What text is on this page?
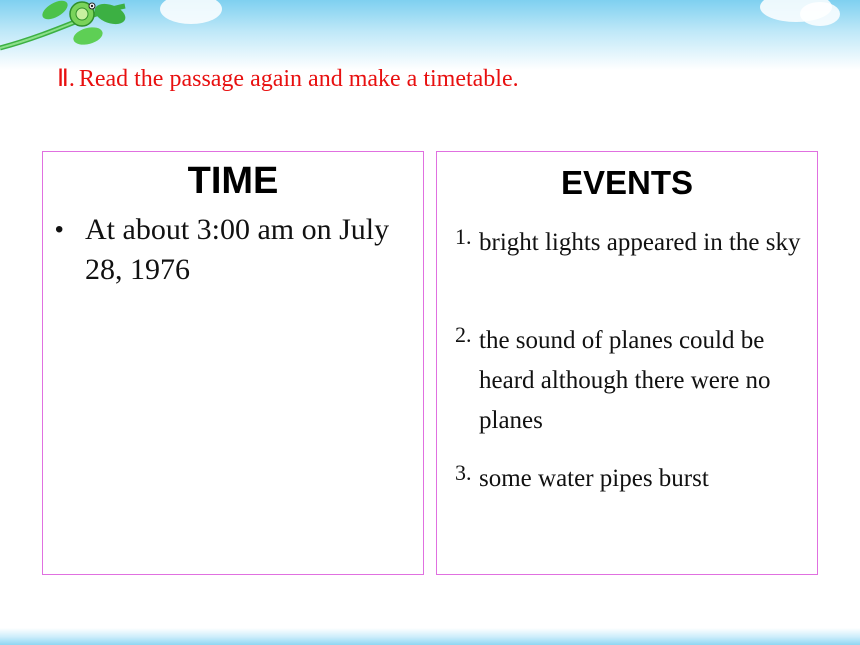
Ⅱ. Read the passage again and make a timetable.
TIME
• At about 3:00 am on July 28, 1976
EVENTS
1. bright lights appeared in the sky
2. the sound of planes could be heard although there were no planes
3. some water pipes burst
